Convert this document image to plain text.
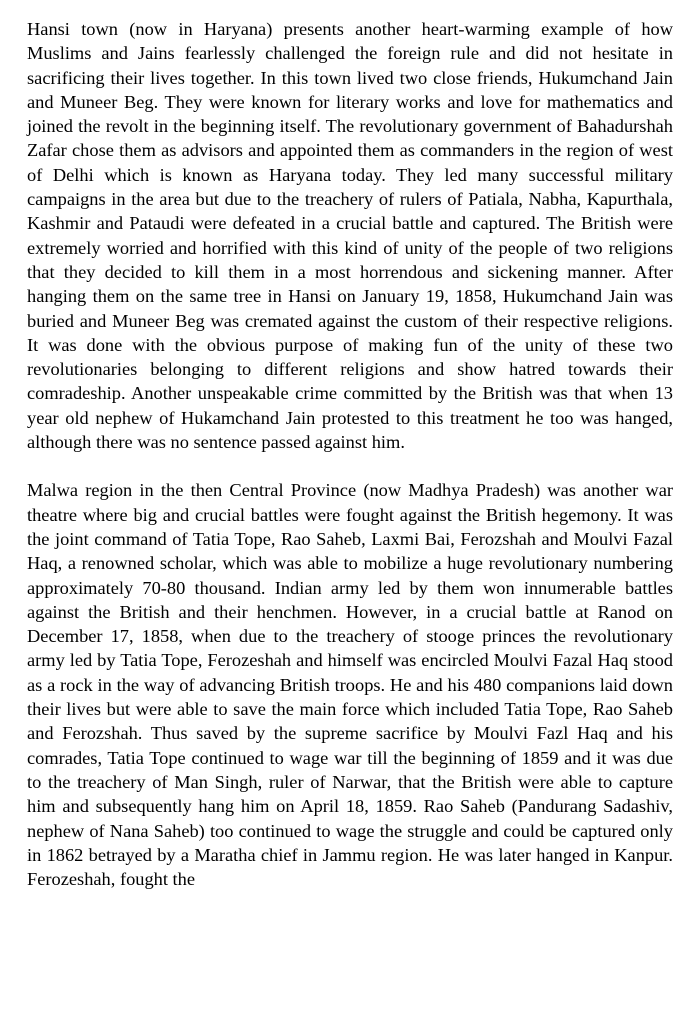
Hansi town (now in Haryana) presents another heart-warming example of how Muslims and Jains fearlessly challenged the foreign rule and did not hesitate in sacrificing their lives together. In this town lived two close friends, Hukumchand Jain and Muneer Beg. They were known for literary works and love for mathematics and joined the revolt in the beginning itself. The revolutionary government of Bahadurshah Zafar chose them as advisors and appointed them as commanders in the region of west of Delhi which is known as Haryana today. They led many successful military campaigns in the area but due to the treachery of rulers of Patiala, Nabha, Kapurthala, Kashmir and Pataudi were defeated in a crucial battle and captured. The British were extremely worried and horrified with this kind of unity of the people of two religions that they decided to kill them in a most horrendous and sickening manner. After hanging them on the same tree in Hansi on January 19, 1858, Hukumchand Jain was buried and Muneer Beg was cremated against the custom of their respective religions. It was done with the obvious purpose of making fun of the unity of these two revolutionaries belonging to different religions and show hatred towards their comradeship. Another unspeakable crime committed by the British was that when 13 year old nephew of Hukamchand Jain protested to this treatment he too was hanged, although there was no sentence passed against him.

Malwa region in the then Central Province (now Madhya Pradesh) was another war theatre where big and crucial battles were fought against the British hegemony. It was the joint command of Tatia Tope, Rao Saheb, Laxmi Bai, Ferozshah and Moulvi Fazal Haq, a renowned scholar, which was able to mobilize a huge revolutionary numbering approximately 70-80 thousand. Indian army led by them won innumerable battles against the British and their henchmen. However, in a crucial battle at Ranod on December 17, 1858, when due to the treachery of stooge princes the revolutionary army led by Tatia Tope, Ferozeshah and himself was encircled Moulvi Fazal Haq stood as a rock in the way of advancing British troops. He and his 480 companions laid down their lives but were able to save the main force which included Tatia Tope, Rao Saheb and Ferozshah. Thus saved by the supreme sacrifice by Moulvi Fazl Haq and his comrades, Tatia Tope continued to wage war till the beginning of 1859 and it was due to the treachery of Man Singh, ruler of Narwar, that the British were able to capture him and subsequently hang him on April 18, 1859. Rao Saheb (Pandurang Sadashiv, nephew of Nana Saheb) too continued to wage the struggle and could be captured only in 1862 betrayed by a Maratha chief in Jammu region. He was later hanged in Kanpur. Ferozeshah, fought the
